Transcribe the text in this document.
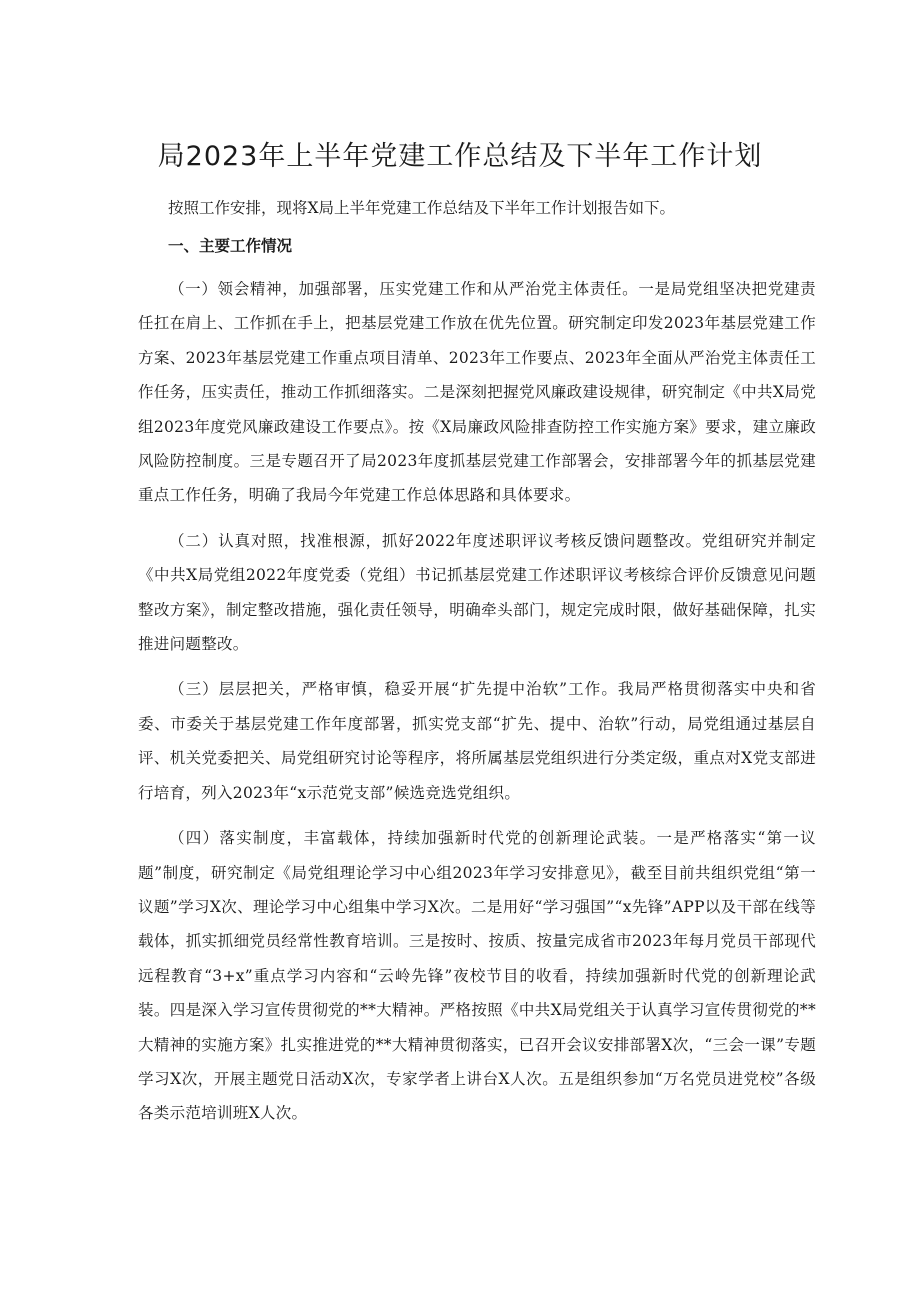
局2023年上半年党建工作总结及下半年工作计划
按照工作安排，现将X局上半年党建工作总结及下半年工作计划报告如下。
一、主要工作情况

（一）领会精神，加强部署，压实党建工作和从严治党主体责任。一是局党组坚决把党建责任扛在肩上、工作抓在手上，把基层党建工作放在优先位置。研究制定印发2023年基层党建工作方案、2023年基层党建工作重点项目清单、2023年工作要点、2023年全面从严治党主体责任工作任务，压实责任，推动工作抓细落实。二是深刻把握党风廉政建设规律，研究制定《中共X局党组2023年度党风廉政建设工作要点》。按《X局廉政风险排查防控工作实施方案》要求，建立廉政风险防控制度。三是专题召开了局2023年度抓基层党建工作部署会，安排部署今年的抓基层党建重点工作任务，明确了我局今年党建工作总体思路和具体要求。

（二）认真对照，找准根源，抓好2022年度述职评议考核反馈问题整改。党组研究并制定《中共X局党组2022年度党委（党组）书记抓基层党建工作述职评议考核综合评价反馈意见问题整改方案》，制定整改措施，强化责任领导，明确牵头部门，规定完成时限，做好基础保障，扎实推进问题整改。

（三）层层把关，严格审慎，稳妥开展“扩先提中治软”工作。我局严格贯彻落实中央和省委、市委关于基层党建工作年度部署，抓实党支部“扩先、提中、治软”行动，局党组通过基层自评、机关党委把关、局党组研究讨论等程序，将所属基层党组织进行分类定级，重点对X党支部进行培育，列入2023年“x示范党支部”候选竞选党组织。

（四）落实制度，丰富载体，持续加强新时代党的创新理论武装。一是严格落实“第一议题”制度，研究制定《局党组理论学习中心组2023年学习安排意见》，截至目前共组织党组“第一议题”学习X次、理论学习中心组集中学习X次。二是用好“学习强国”“x先锋”APP以及干部在线等载体，抓实抓细党员经常性教育培训。三是按时、按质、按量完成省市2023年每月党员干部现代远程教育“3+x”重点学习内容和“云岭先锋”夜校节目的收看，持续加强新时代党的创新理论武装。四是深入学习宣传贯彻党的**大精神。严格按照《中共X局党组关于认真学习宣传贯彻党的**大精神的实施方案》扎实推进党的**大精神贯彻落实，已召开会议安排部署X次，“三会一课”专题学习X次，开展主题党日活动X次，专家学者上讲台X人次。五是组织参加“万名党员进党校”各级各类示范培训班X人次。
